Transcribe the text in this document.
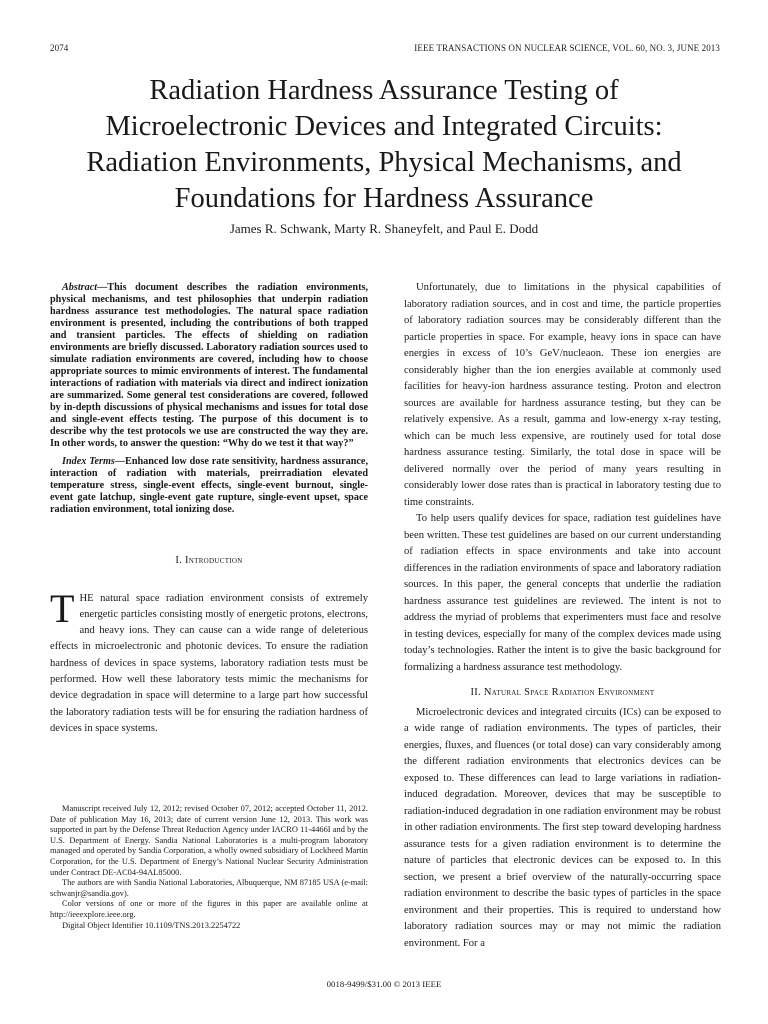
2074	IEEE TRANSACTIONS ON NUCLEAR SCIENCE, VOL. 60, NO. 3, JUNE 2013
Radiation Hardness Assurance Testing of
Microelectronic Devices and Integrated Circuits:
Radiation Environments, Physical Mechanisms, and
Foundations for Hardness Assurance
James R. Schwank, Marty R. Shaneyfelt, and Paul E. Dodd

Abstract—This document describes the radiation environments, physical mechanisms, and test philosophies that underpin radiation hardness assurance test methodologies. The natural space radiation environment is presented, including the contributions of both trapped and transient particles. The effects of shielding on radiation environments are briefly discussed. Laboratory radiation sources used to simulate radiation environments are covered, including how to choose appropriate sources to mimic environments of interest. The fundamental interactions of radiation with materials via direct and indirect ionization are summarized. Some general test considerations are covered, followed by in-depth discussions of physical mechanisms and issues for total dose and single-event effects testing. The purpose of this document is to describe why the test protocols we use are constructed the way they are. In other words, to answer the question: “Why do we test it that way?”

Index Terms—Enhanced low dose rate sensitivity, hardness assurance, interaction of radiation with materials, preirradiation elevated temperature stress, single-event effects, single-event burnout, single-event gate latchup, single-event gate rupture, single-event upset, space radiation environment, total ionizing dose.

I. Introduction

THE natural space radiation environment consists of extremely energetic particles consisting mostly of energetic protons, electrons, and heavy ions. They can cause can a wide range of deleterious effects in microelectronic and photonic devices. To ensure the radiation hardness of devices in space systems, laboratory radiation tests must be performed. How well these laboratory tests mimic the mechanisms for device degradation in space will determine to a large part how successful the laboratory radiation tests will be for ensuring the radiation hardness of devices in space systems.

Manuscript received July 12, 2012; revised October 07, 2012; accepted October 11, 2012. Date of publication May 16, 2013; date of current version June 12, 2013. This work was supported in part by the Defense Threat Reduction Agency under IACRO 11-4466I and by the U.S. Department of Energy. Sandia National Laboratories is a multi-program laboratory managed and operated by Sandia Corporation, a wholly owned subsidiary of Lockheed Martin Corporation, for the U.S. Department of Energy’s National Nuclear Security Administration under Contract DE-AC04-94AL85000.

The authors are with Sandia National Laboratories, Albuquerque, NM 87185 USA (e-mail: schwanjr@sandia.gov).

Color versions of one or more of the figures in this paper are available online at http://ieeexplore.ieee.org.

Digital Object Identifier 10.1109/TNS.2013.2254722

Unfortunately, due to limitations in the physical capabilities of laboratory radiation sources, and in cost and time, the particle properties of laboratory radiation sources may be considerably different than the particle properties in space. For example, heavy ions in space can have energies in excess of 10’s GeV/nucleaon. These ion energies are considerably higher than the ion energies available at commonly used facilities for heavy-ion hardness assurance testing. Proton and electron sources are available for hardness assurance testing, but they can be relatively expensive. As a result, gamma and low-energy x-ray testing, which can be much less expensive, are routinely used for total dose hardness assurance testing. Similarly, the total dose in space will be delivered normally over the period of many years resulting in considerably lower dose rates than is practical in laboratory testing due to time constraints.

To help users qualify devices for space, radiation test guidelines have been written. These test guidelines are based on our current understanding of radiation effects in space environments and take into account differences in the radiation environments of space and laboratory radiation sources. In this paper, the general concepts that underlie the radiation hardness assurance test guidelines are reviewed. The intent is not to address the myriad of problems that experimenters must face and resolve in testing devices, especially for many of the complex devices made using today’s technologies. Rather the intent is to give the basic background for formalizing a hardness assurance test methodology.

II. Natural Space Radiation Environment

Microelectronic devices and integrated circuits (ICs) can be exposed to a wide range of radiation environments. The types of particles, their energies, fluxes, and fluences (or total dose) can vary considerably among the different radiation environments that electronics devices can be exposed to. These differences can lead to large variations in radiation-induced degradation. Moreover, devices that may be susceptible to radiation-induced degradation in one radiation environment may be robust in other radiation environments. The first step toward developing hardness assurance tests for a given radiation environment is to determine the nature of particles that electronic devices can be exposed to. In this section, we present a brief overview of the naturally-occurring space radiation environment to describe the basic types of particles in the space environment and their properties. This is required to understand how laboratory radiation sources may or may not mimic the radiation environment. For a

0018-9499/$31.00 © 2013 IEEE
